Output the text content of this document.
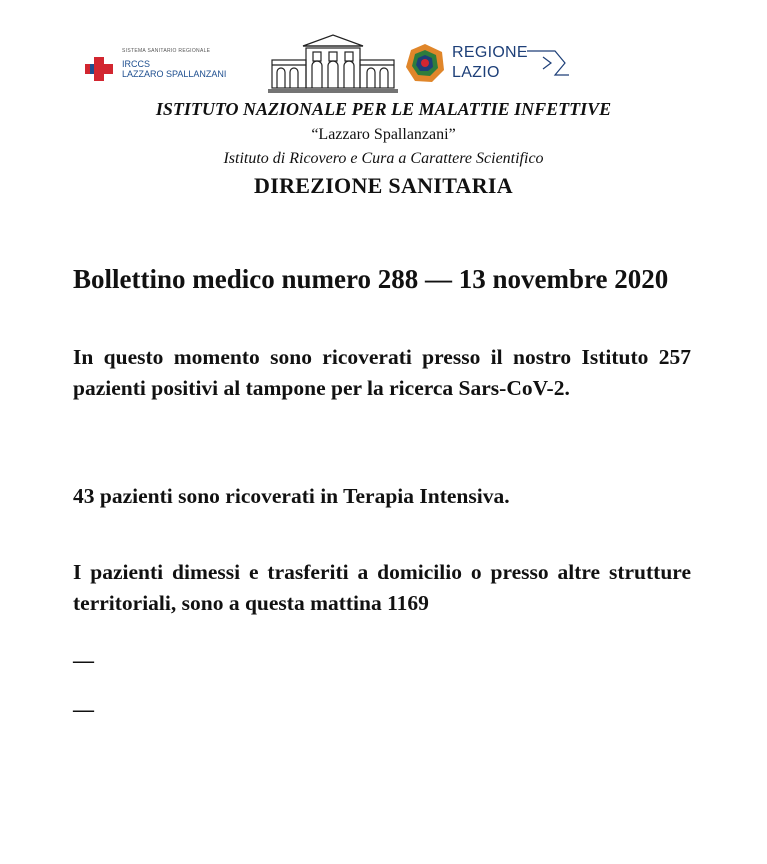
SISTEMA SANITARIO REGIONALE
IRCCS
LAZZARO SPALLANZANI
REGIONE
LAZIO
ISTITUTO NAZIONALE PER LE MALATTIE INFETTIVE
“Lazzaro Spallanzani”
Istituto di Ricovero e Cura a Carattere Scientifico
DIREZIONE SANITARIA
Bollettino medico numero 288 — 13 novembre 2020
In questo momento sono ricoverati presso il nostro Istituto 257 pazienti positivi al tampone per la ricerca Sars-CoV-2.
43 pazienti sono ricoverati in Terapia Intensiva.
I pazienti dimessi e trasferiti a domicilio o presso altre strutture territoriali, sono a questa mattina 1169
—
—
